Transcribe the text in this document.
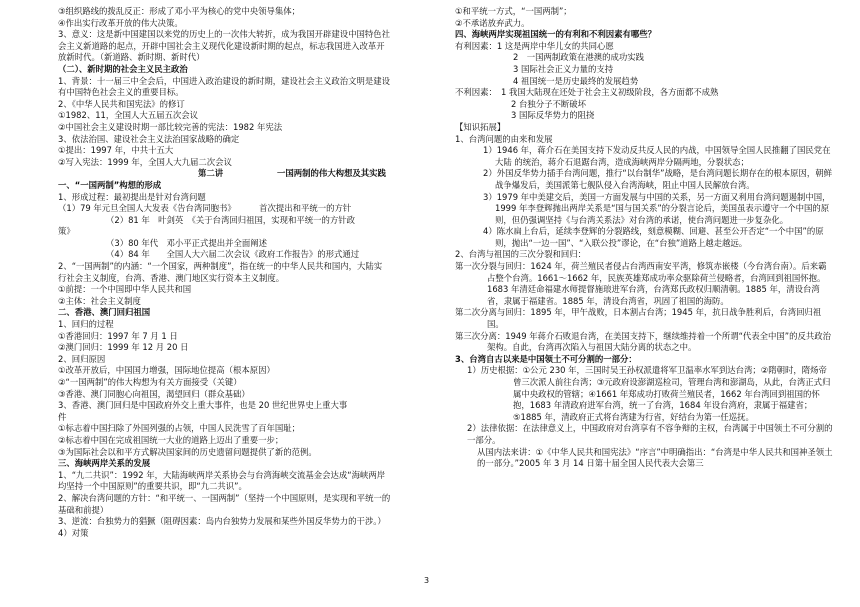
③组织路线的拨乱反正：形成了邓小平为核心的党中央领导集体；
④作出实行改革开放的伟大决策。
3、意义：这是新中国建国以来党的历史上的一次伟大转折，成为我国开辟建设中国特色社
会主义新道路的起点，开辟中国社会主义现代化建设新时期的起点，标志我国进入改革开
放新时代。（新道路、新时期、新时代）
（二）、新时期的社会主义民主政治
1、背景：十一届三中全会后，中国进入政治建设的新时期，建设社会主义政治文明是建设
有中国特色社会主义的重要目标。
2、《中华人民共和国宪法》的修订
①1982、11，全国人大五届五次会议
②中国社会主义建设时期一部比较完善的宪法：1982 年宪法
3、依法治国、建设社会主义法治国家战略的确定
①提出：1997 年，中共十五大
②写入宪法：1999 年，全国人大九届二次会议
第二讲	一国两制的伟大构想及其实践
一、“一国两制”构想的形成
1、形成过程：最初提出是针对台湾问题
（1）79 年元旦全国人大发表《告台湾同胞书》	首次提出和平统一的方针
（2）81 年　叶剑英　《关于台湾回归祖国，实现和平统一的方针政
策》
（3）80 年代　邓小平正式提出并全面阐述
（4）84 年　　全国人大六届二次会议《政府工作报告》的形式通过
2、“一国两制”的内涵：“一个国家，两种制度”，指在统一的中华人民共和国内，大陆实
行社会主义制度，台湾、香港、澳门地区实行资本主义制度。
①前提：一个中国即中华人民共和国
②主体：社会主义制度
二、香港、澳门回归祖国
1、回归的过程
①香港回归：1997 年 7 月 1 日
②澳门回归：1999 年 12 月 20 日
2、回归原因
①改革开放后，中国国力增强，国际地位提高（根本原因）
②“一国两制”的伟大构想为有关方面接受（关键）
③香港、澳门同胞心向祖国，渴望回归（群众基础）
3、香港、澳门回归是中国政府外交上重大事件，也是 20 世纪世界史上重大事
件
①标志着中国扫除了外国列强的占领，中国人民洗雪了百年国耻；
②标志着中国在完成祖国统一大业的道路上迈出了重要一步；
③为国际社会以和平方式解决国家间的历史遗留问题提供了新的范例。
三、海峡两岸关系的发展
1、“九二共识”：1992 年，大陆海峡两岸关系协会与台湾海峡交流基金会达成“海峡两岸
均坚持一个中国原则”的重要共识，即“九二共识”。
2、解决台湾问题的方针：“和平统一、一国两制”（坚持一个中国原则，是实现和平统一的
基础和前提）
3、逆流：台独势力的猖獗（阻碍因素：岛内台独势力发展和某些外国反华势力的干涉。）
4）对策
①和平统一方式，“一国两制”；
②不承诺放弃武力。
四、海峡两岸实现祖国统一的有利和不利因素有哪些？
有利因素：1 这是两岸中华儿女的共同心愿
2　一国两制政策在港澳的成功实践
3 国际社会正义力量的支持
4 祖国统一是历史最终的发展趋势
不利因素：　1 我国大陆现在还处于社会主义初级阶段，各方面都不成熟
2 台独分子不断破坏
3 国际反华势力的阻挠
【知识拓展】
1、台湾问题的由来和发展
1）1946 年，蒋介石在美国支持下发动反共反人民的内战，中国领导全国人民推翻了国民党在大陆 的统治，蒋介石退踞台湾，造成海峡两岸分隔两地，分裂状态；
2）外国反华势力插手台湾问题，推行“以台制华”战略，是台湾问题长期存在的根本原因，朝鲜战争爆发后，美国派第七舰队侵入台湾海峡，阻止中国人民解放台湾。
3）1979 年中美建交后，美国一方面发展与中国的关系，另一方面又利用台湾问题遏制中国，1999 年李登辉抛出两岸关系是“国与国关系”的分裂言论后，美国虽表示遵守一个中国的原则，但仍强调坚持《与台湾关系法》对台湾的承诺，使台湾问题进一步复杂化。
4）陈水扁上台后，延续李登辉的分裂路线，刻意模糊、回避、甚至公开否定“一个中国”的原则，抛出“一边一国”、“入联公投”谬论，在“台独”道路上越走越远。
2、台湾与祖国的三次分裂和回归：
第一次分裂与回归：1624 年，荷兰殖民者侵占台湾西南安平湾，修筑赤嵌楼（今台湾台南）。后来霸占整个台湾。1661～1662 年，民族英雄郑成功率众驱除荷兰侵略者，台湾回到祖国怀抱。1683 年清廷命福建水师提督施琅进军台湾，台湾郑氏政权归顺清朝。1885 年，清设台湾省，隶属于福建省。1885 年，清设台湾省，巩固了祖国的海防。
第二次分离与回归：1895 年，甲午战败，日本割占台湾；1945 年，抗日战争胜利后，台湾回归祖国。
第三次分离：1949 年蒋介石败退台湾，在美国支持下，继续维持着一个所谓“代表全中国”的反共政治架构。自此，台湾再次陷入与祖国大陆分离的状态之中。
3、台湾自古以来是中国领土不可分割的一部分：
1）历史根据：①公元 230 年，三国时吴王孙权派遣将军卫温率水军到达台湾；②隋朝时，隋炀帝曾三次派人前往台湾；③元政府设澎湖巡检司，管理台湾和澎湖岛，从此，台湾正式归属中央政权的管辖；④1661 年郑成功打败荷兰殖民者，1662 年台湾回到祖国的怀抱，1683 年清政府进军台湾，统一了台湾，1684 年设台湾府，隶属于福建省；⑤1885 年，清政府正式将台湾建为行省，好结台为第一任巡抚。
2）法律依据：在法律意义上，中国政府对台湾享有不容争辩的主权，台湾属于中国领土不可分割的一部分。
从国内法来讲：①《中华人民共和国宪法》“序言”中明确指出：“台湾是中华人民共和国神圣领土的一部分。”2005 年 3 月 14 日第十届全国人民代表大会第三
3
